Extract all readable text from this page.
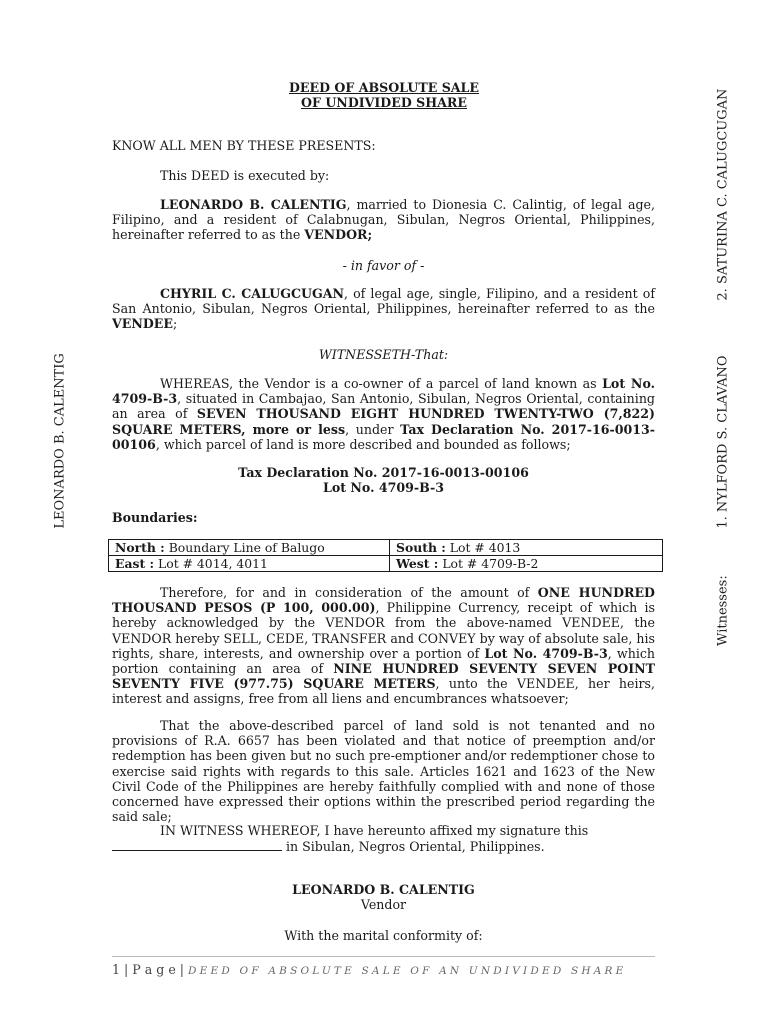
DEED OF ABSOLUTE SALE
OF UNDIVIDED SHARE
KNOW ALL MEN BY THESE PRESENTS:
This DEED is executed by:
LEONARDO B. CALENTIG, married to Dionesia C. Calintig, of legal age, Filipino, and a resident of Calabnugan, Sibulan, Negros Oriental, Philippines, hereinafter referred to as the VENDOR;
- in favor of -
CHYRIL C. CALUGCUGAN, of legal age, single, Filipino, and a resident of San Antonio, Sibulan, Negros Oriental, Philippines, hereinafter referred to as the VENDEE;
WITNESSETH-That:
WHEREAS, the Vendor is a co-owner of a parcel of land known as Lot No. 4709-B-3, situated in Cambajao, San Antonio, Sibulan, Negros Oriental, containing an area of SEVEN THOUSAND EIGHT HUNDRED TWENTY-TWO (7,822) SQUARE METERS, more or less, under Tax Declaration No. 2017-16-0013-00106, which parcel of land is more described and bounded as follows;
Tax Declaration No. 2017-16-0013-00106
Lot No. 4709-B-3
Boundaries:
North : Boundary Line of Balugo	South : Lot # 4013
East : Lot # 4014, 4011	West : Lot # 4709-B-2
Therefore, for and in consideration of the amount of ONE HUNDRED THOUSAND PESOS (P 100, 000.00), Philippine Currency, receipt of which is hereby acknowledged by the VENDOR from the above-named VENDEE, the VENDOR hereby SELL, CEDE, TRANSFER and CONVEY by way of absolute sale, his rights, share, interests, and ownership over a portion of Lot No. 4709-B-3, which portion containing an area of NINE HUNDRED SEVENTY SEVEN POINT SEVENTY FIVE (977.75) SQUARE METERS, unto the VENDEE, her heirs, interest and assigns, free from all liens and encumbrances whatsoever;
That the above-described parcel of land sold is not tenanted and no provisions of R.A. 6657 has been violated and that notice of preemption and/or redemption has been given but no such pre-emptioner and/or redemptioner chose to exercise said rights with regards to this sale. Articles 1621 and 1623 of the New Civil Code of the Philippines are hereby faithfully complied with and none of those concerned have expressed their options within the prescribed period regarding the said sale;
IN WITNESS WHEREOF, I have hereunto affixed my signature this
in Sibulan, Negros Oriental, Philippines.
LEONARDO B. CALENTIG
Vendor
With the marital conformity of:
1 | P a g e | DEED OF ABSOLUTE SALE OF AN UNDIVIDED SHARE
LEONARDO B. CALENTIG
2. SATURINA C. CALUGCUGAN
1. NYLFORD S. CLAVANO
Witnesses:
